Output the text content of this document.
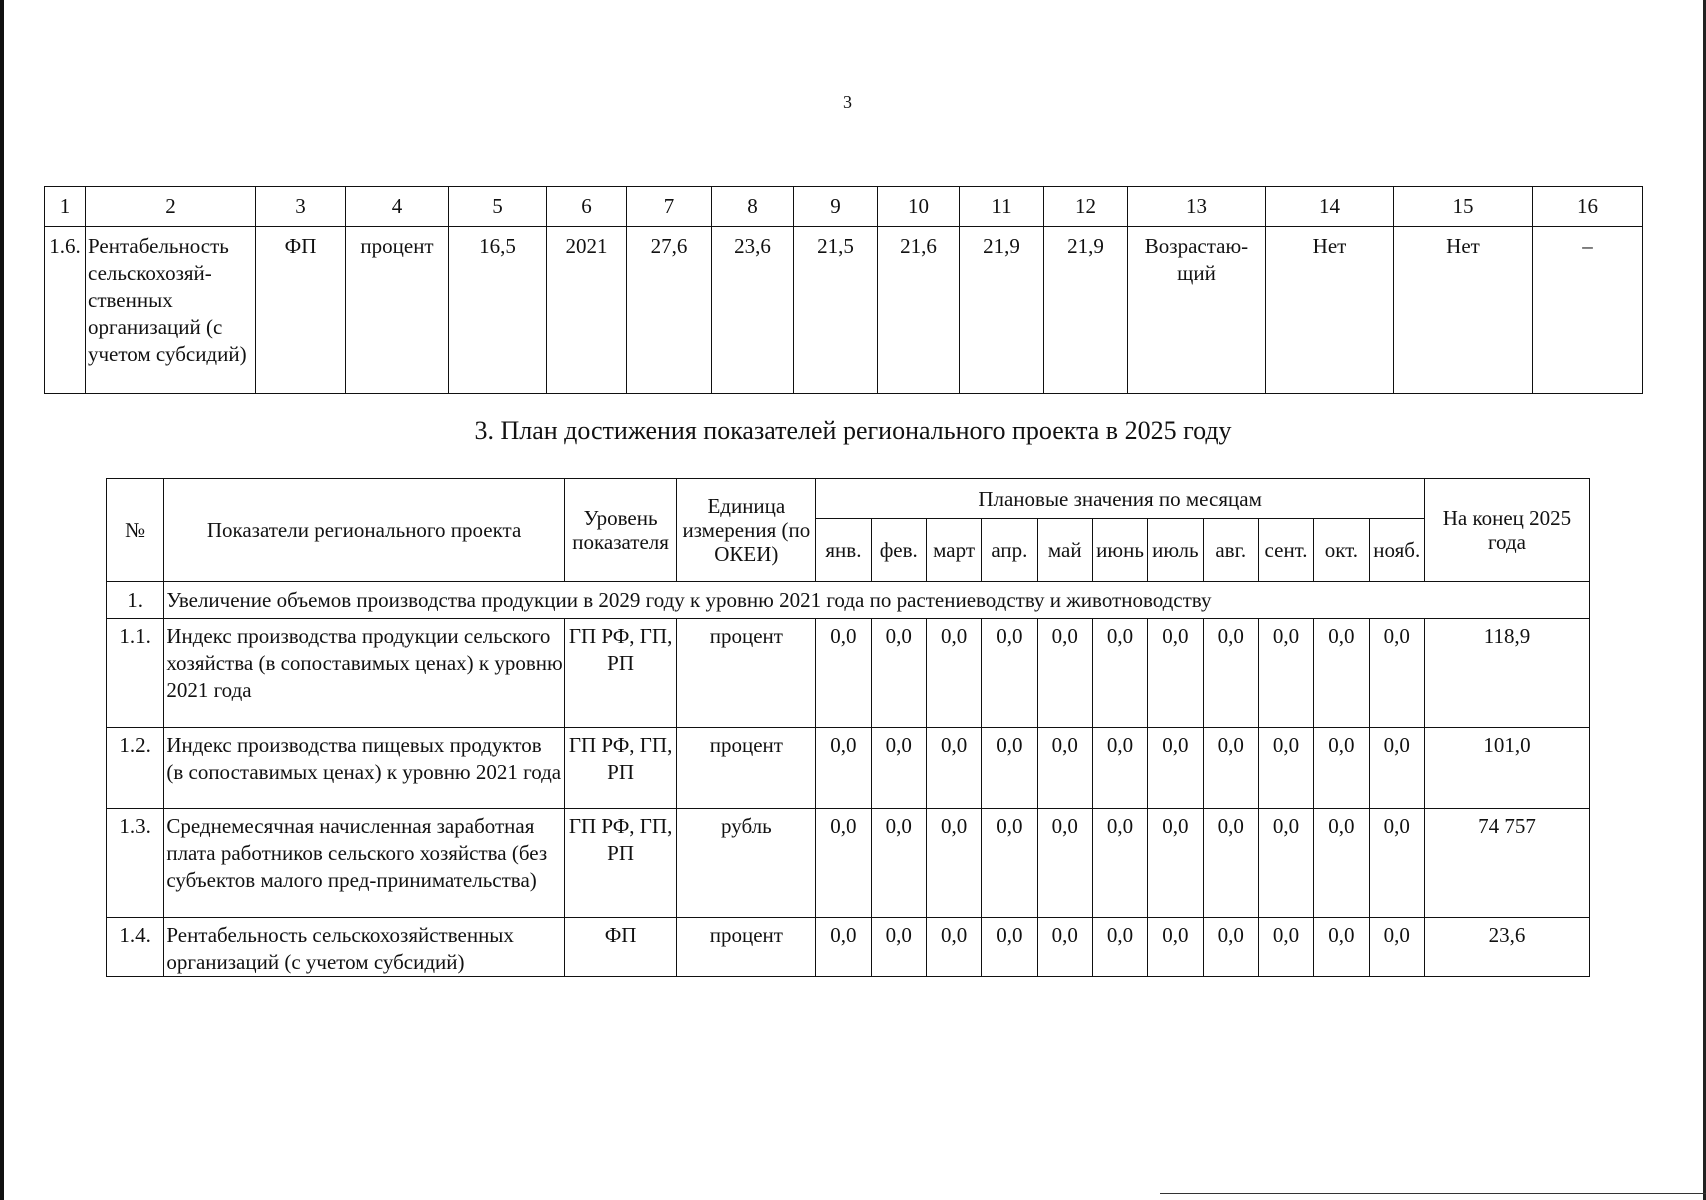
3
1	2	3	4	5	6	7	8	9	10	11	12	13	14	15	16
1.6.	Рентабельность сельскохозяй-ственных организаций (с учетом субсидий)	ФП	процент	16,5	2021	27,6	23,6	21,5	21,6	21,9	21,9	Возрастаю-щий	Нет	Нет	–
3. План достижения показателей регионального проекта в 2025 году
№	Показатели регионального проекта	Уровень показателя	Единица измерения (по ОКЕИ)	Плановые значения по месяцам											На конец 2025 года
				янв.	фев.	март	апр.	май	июнь	июль	авг.	сент.	окт.	нояб.	
1.	Увеличение объемов производства продукции в 2029 году к уровню 2021 года по растениеводству и животноводству														
1.1.	Индекс производства продукции сельского хозяйства (в сопоставимых ценах) к уровню 2021 года	ГП РФ, ГП, РП	процент	0,0	0,0	0,0	0,0	0,0	0,0	0,0	0,0	0,0	0,0	0,0	118,9
1.2.	Индекс производства пищевых продуктов (в сопоставимых ценах) к уровню 2021 года	ГП РФ, ГП, РП	процент	0,0	0,0	0,0	0,0	0,0	0,0	0,0	0,0	0,0	0,0	0,0	101,0
1.3.	Среднемесячная начисленная заработная плата работников сельского хозяйства (без субъектов малого пред-принимательства)	ГП РФ, ГП, РП	рубль	0,0	0,0	0,0	0,0	0,0	0,0	0,0	0,0	0,0	0,0	0,0	74 757
1.4.	Рентабельность сельскохозяйственных организаций (с учетом субсидий)	ФП	процент	0,0	0,0	0,0	0,0	0,0	0,0	0,0	0,0	0,0	0,0	0,0	23,6
